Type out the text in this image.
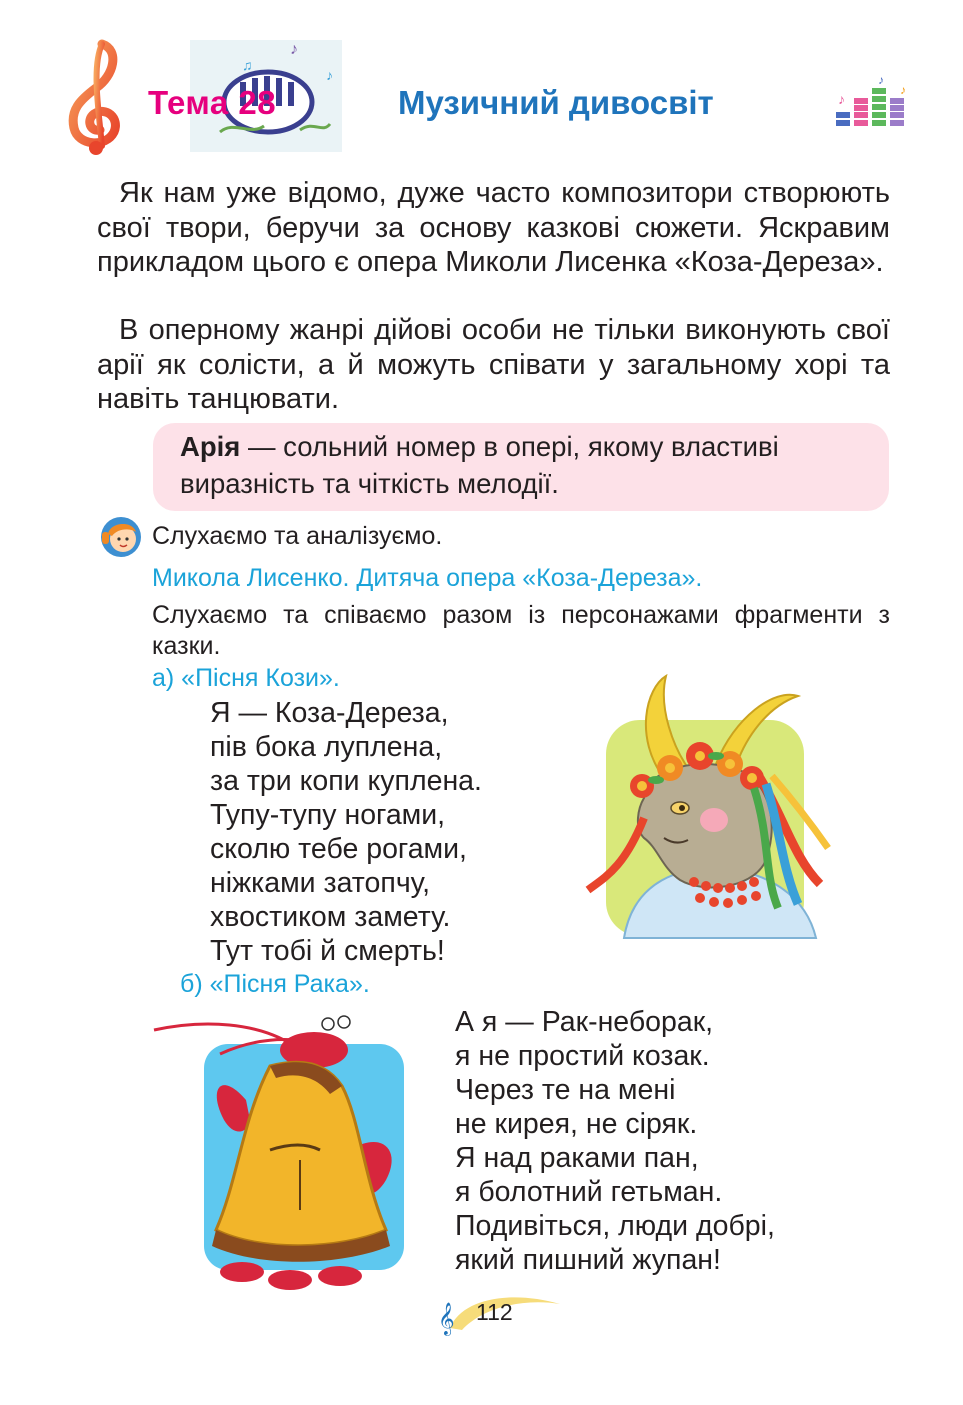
♪
♪
♫
Тема 28	Музичний дивосвіт	♪
♪
♪
Як нам уже відомо, дуже часто композитори створюють свої твори, беручи за основу казкові сюжети. Яскравим прикладом цього є опера Миколи Лисенка «Коза-Дереза».
В оперному жанрі дійові особи не тільки виконують свої арії як солісти, а й можуть співати у загальному хорі та навіть танцювати.
Арія — сольний номер в опері, якому властиві виразність та чіткість мелодії.
Слухаємо та аналізуємо.
Микола Лисенко. Дитяча опера «Коза-Дереза».
Слухаємо та співаємо разом із персонажами фрагменти з казки.
а) «Пісня Кози».
Я — Коза-Дереза,
пів бока луплена,
за три копи куплена.
Тупу-тупу ногами,
сколю тебе рогами,
ніжками затопчу,
хвостиком замету.
Тут тобі й смерть!
б) «Пісня Рака».
А я — Рак-неборак,
я не простий козак.
Через те на мені
не кирея, не сіряк.
Я над раками пан,
я болотний гетьман.
Подивіться, люди добрі,
який пишний жупан!
𝄞 112
